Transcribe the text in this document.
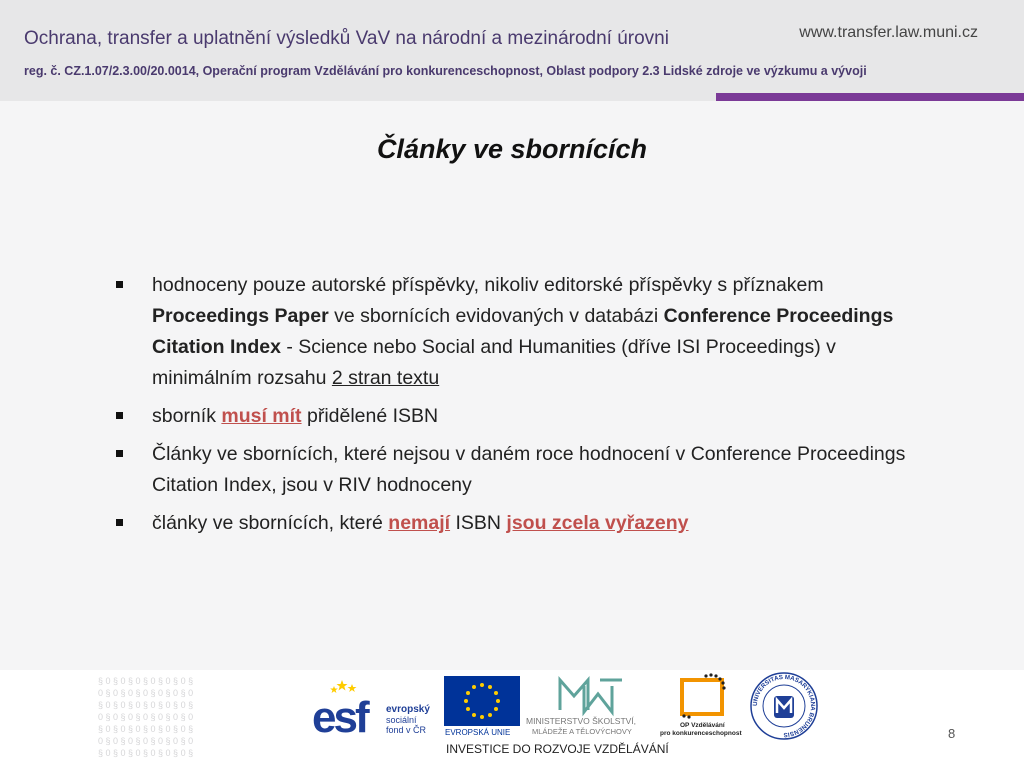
Ochrana, transfer a uplatnění výsledků VaV na národní a mezinárodní úrovni	www.transfer.law.muni.cz
reg. č. CZ.1.07/2.3.00/20.0014, Operační program Vzdělávání pro konkurenceschopnost, Oblast podpory 2.3 Lidské zdroje ve výzkumu a vývoji
Články ve sbornících
hodnoceny pouze autorské příspěvky, nikoliv editorské příspěvky s příznakem Proceedings Paper ve sbornících evidovaných v databázi Conference Proceedings Citation Index - Science nebo Social and Humanities (dříve ISI Proceedings) v minimálním rozsahu 2 stran textu
sborník musí mít přidělené ISBN
Články ve sbornících, které nejsou v daném roce hodnocení v Conference Proceedings Citation Index, jsou v RIV hodnoceny
články ve sbornících, které nemají ISBN jsou zcela vyřazeny
§ 0 § 0 § 0 § 0 § 0 § 0 §
0 § 0 § 0 § 0 § 0 § 0 § 0
§ 0 § 0 § 0 § 0 § 0 § 0 §
0 § 0 § 0 § 0 § 0 § 0 § 0
§ 0 § 0 § 0 § 0 § 0 § 0 §
0 § 0 § 0 § 0 § 0 § 0 § 0
§ 0 § 0 § 0 § 0 § 0 § 0 §
esf	evropský
sociální
fond v ČR EVROPSKÁ UNIE
MINISTERSTVO ŠKOLSTVÍ,
MLÁDEŽE A TĚLOVÝCHOVY
OP Vzdělávání
pro konkurenceschopnost
UNIVERSITAS MASARYKIANA BRUNENSIS
INVESTICE DO ROZVOJE VZDĚLÁVÁNÍ
8
